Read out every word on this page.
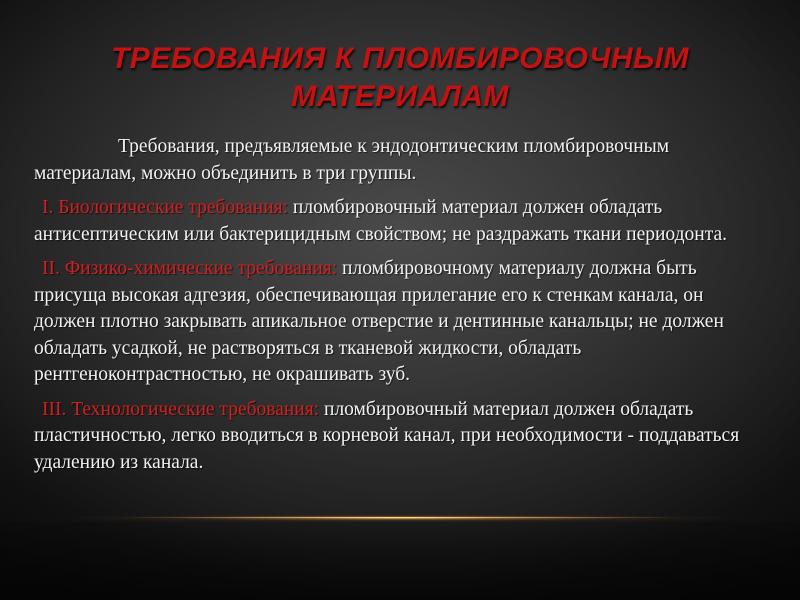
ТРЕБОВАНИЯ К ПЛОМБИРОВОЧНЫМ МАТЕРИАЛАМ

Требования, предъявляемые к эндодонтическим пломбировочным материалам, можно объединить в три группы.

I. Биологические требования: пломбировочный материал должен обладать антисептическим или бактерицидным свойством; не раздражать ткани периодонта.

II. Физико-химические требования: пломбировочному материалу должна быть присуща высокая адгезия, обеспечивающая прилегание его к стенкам канала, он должен плотно закрывать апикальное отверстие и дентинные канальцы; не должен обладать усадкой, не растворяться в тканевой жидкости, обладать рентгеноконтрастностью, не окрашивать зуб.

III. Технологические требования: пломбировочный материал должен обладать пластичностью, легко вводиться в корневой канал, при необходимости - поддаваться удалению из канала.
